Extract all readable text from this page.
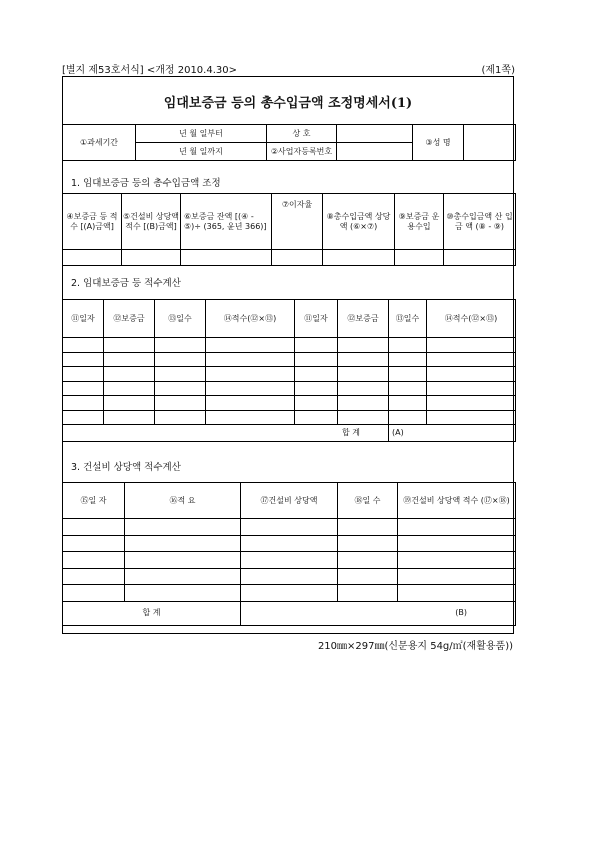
[별지 제53호서식] <개정 2010.4.30>	(제1쪽)
임대보증금 등의 총수입금액 조정명세서(1)
①과세기간	년 월 일부터	상 호		③성 명	
	년 월 일까지	②사업자등록번호			
1. 임대보증금 등의 총수입금액 조정
④보증금 등 적수 [(A)금액]	⑤건설비 상당액 적수 [(B)금액]	⑥보증금 잔액 [(④ - ⑤)÷ (365, 윤년 366)]	⑦이자율	⑧총수입금액 상당액 (⑥×⑦)	⑨보증금 운용수입	⑩총수입금액 산 입 금 액 (⑧ - ⑨)

2. 임대보증금 등 적수계산
⑪일자	⑫보증금	⑬일수	⑭적수(⑫×⑬)	⑪일자	⑫보증금	⑬일수	⑭적수(⑫×⑬)

합 계						(A)	
3. 건설비 상당액 적수계산
⑮일 자	⑯적 요	⑰건설비 상당액	⑱일 수	⑲건설비 상당액 적수 (⑰×⑱)

합 계		(B)		
210㎜×297㎜(신문용지 54g/㎡(재활용품))
